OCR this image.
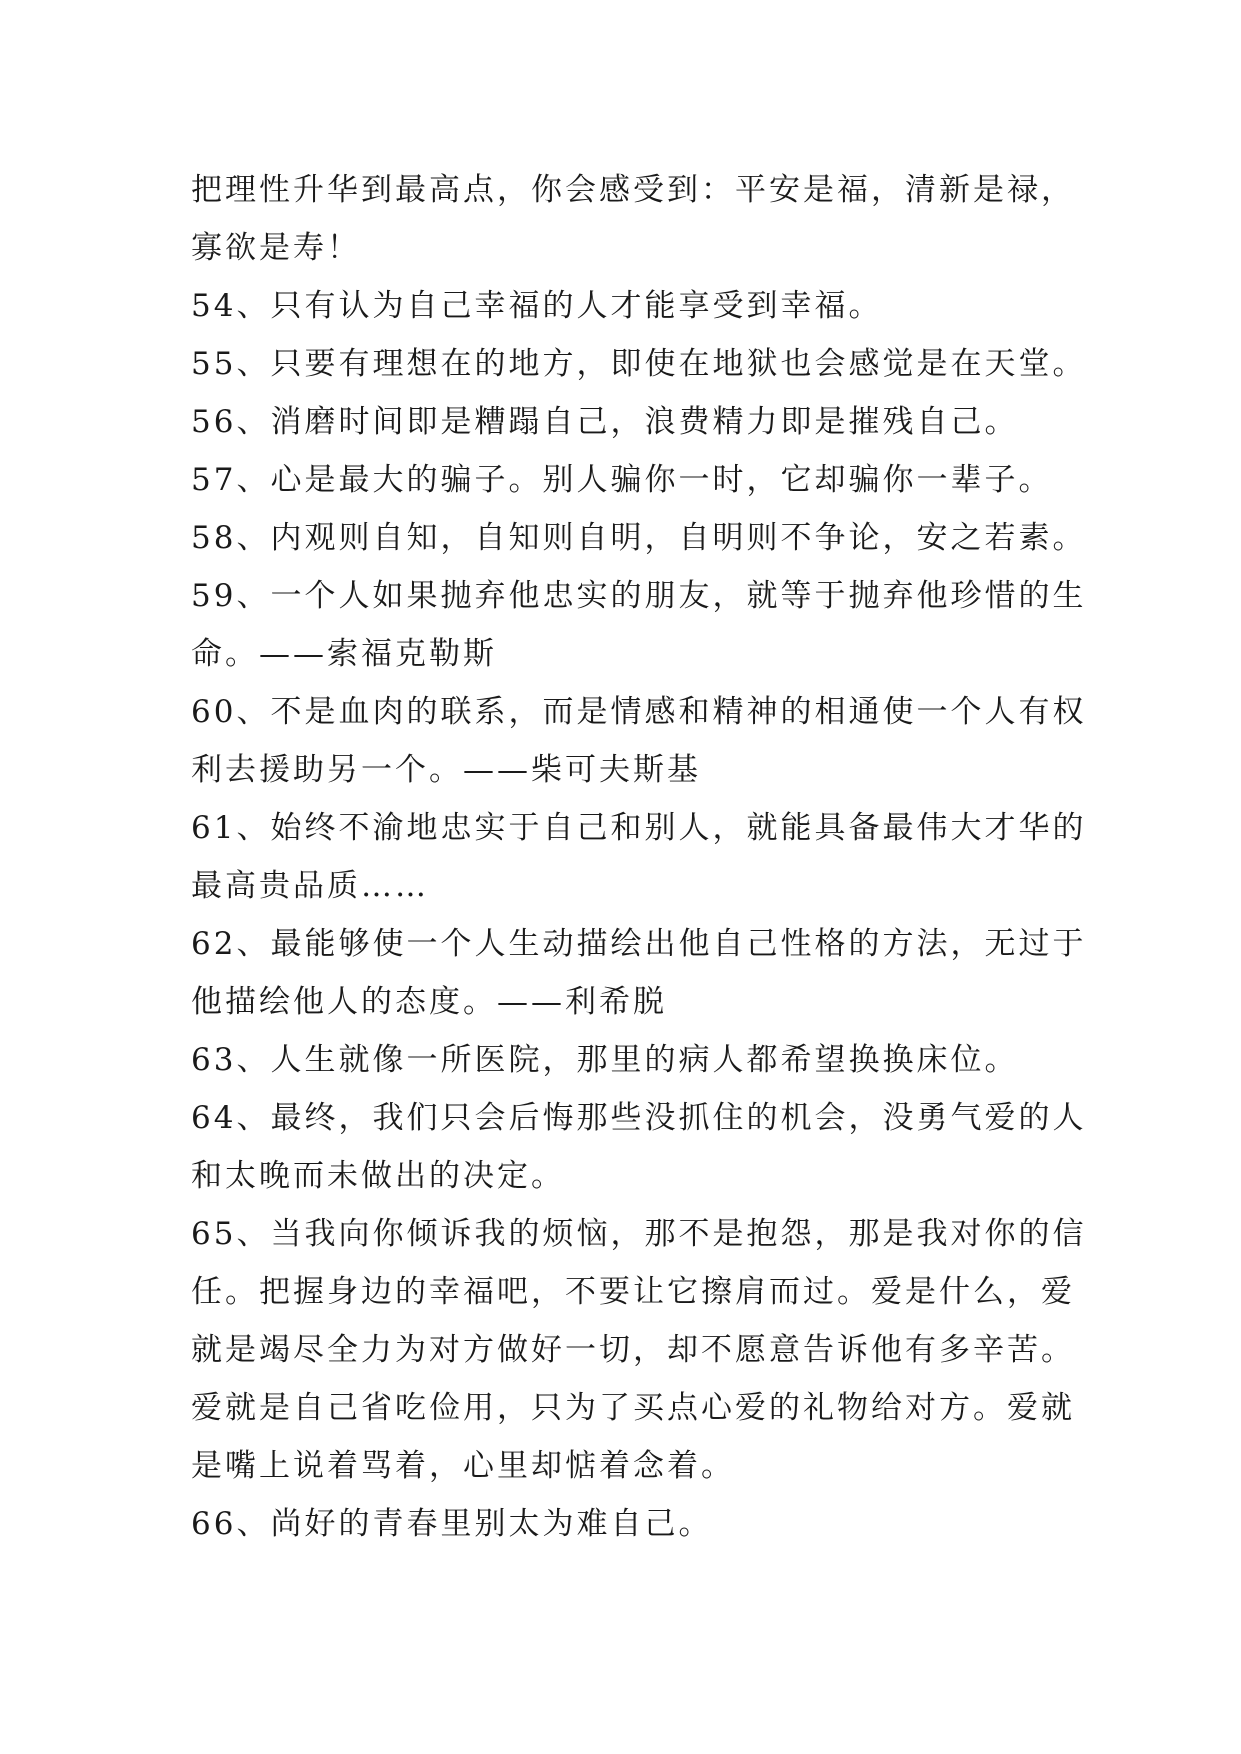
把理性升华到最高点，你会感受到：平安是福，清新是禄，
寡欲是寿！
54、只有认为自己幸福的人才能享受到幸福。
55、只要有理想在的地方，即使在地狱也会感觉是在天堂。
56、消磨时间即是糟蹋自己，浪费精力即是摧残自己。
57、心是最大的骗子。别人骗你一时，它却骗你一辈子。
58、内观则自知，自知则自明，自明则不争论，安之若素。
59、一个人如果抛弃他忠实的朋友，就等于抛弃他珍惜的生
命。——索福克勒斯
60、不是血肉的联系，而是情感和精神的相通使一个人有权
利去援助另一个。——柴可夫斯基
61、始终不渝地忠实于自己和别人，就能具备最伟大才华的
最高贵品质……
62、最能够使一个人生动描绘出他自己性格的方法，无过于
他描绘他人的态度。——利希脱
63、人生就像一所医院，那里的病人都希望换换床位。
64、最终，我们只会后悔那些没抓住的机会，没勇气爱的人
和太晚而未做出的决定。
65、当我向你倾诉我的烦恼，那不是抱怨，那是我对你的信
任。把握身边的幸福吧，不要让它擦肩而过。爱是什么，爱
就是竭尽全力为对方做好一切，却不愿意告诉他有多辛苦。
爱就是自己省吃俭用，只为了买点心爱的礼物给对方。爱就
是嘴上说着骂着，心里却惦着念着。
66、尚好的青春里别太为难自己。
